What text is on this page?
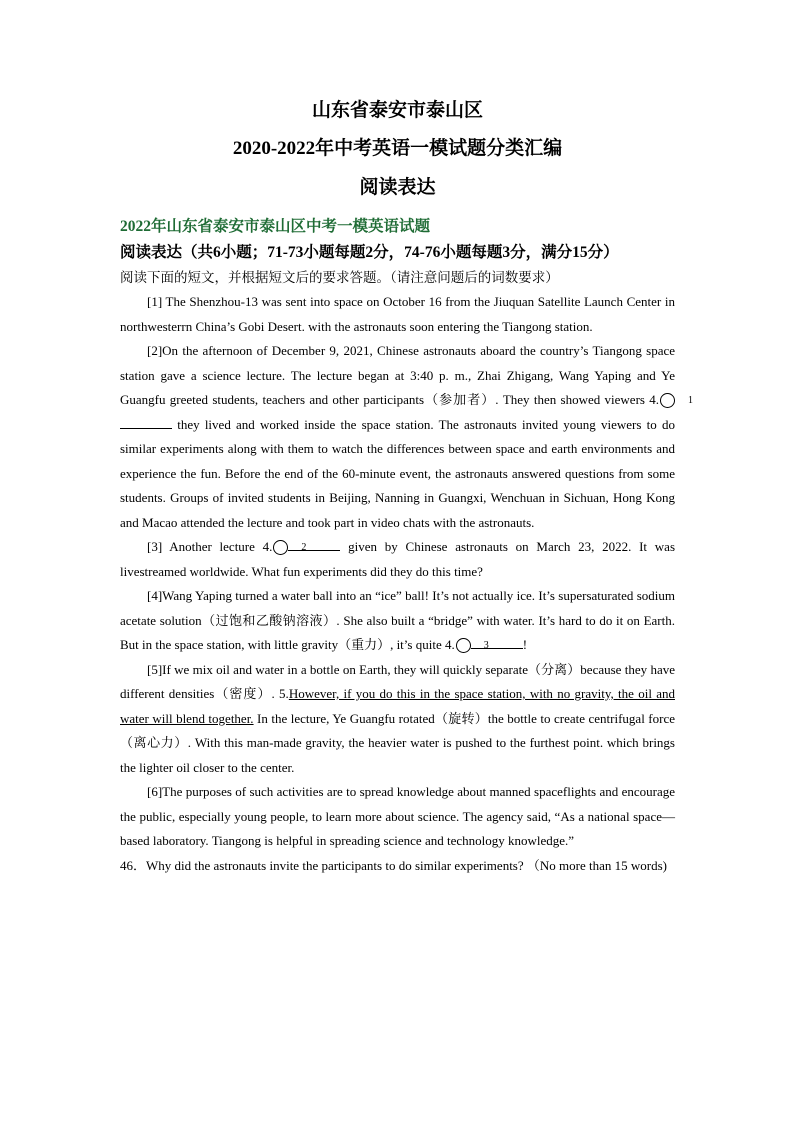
山东省泰安市泰山区
2020-2022年中考英语一模试题分类汇编
阅读表达
2022年山东省泰安市泰山区中考一模英语试题
阅读表达（共6小题；71-73小题每题2分，74-76小题每题3分，满分15分）
阅读下面的短文，并根据短文后的要求答题。（请注意问题后的词数要求）

[1] The Shenzhou-13 was sent into space on October 16 from the Jiuquan Satellite Launch Center in northwesterrn China’s Gobi Desert. with the astronauts soon entering the Tiangong station.

[2]On the afternoon of December 9, 2021, Chinese astronauts aboard the country’s Tiangong space station gave a science lecture. The lecture began at 3:40 p. m., Zhai Zhigang, Wang Yaping and Ye Guangfu greeted students, teachers and other participants（参加者）. They then showed viewers 4.	1 they lived and worked inside the space station. The astronauts invited young viewers to do similar experiments along with them to watch the differences between space and earth environments and experience the fun. Before the end of the 60-minute event, the astronauts answered questions from some students. Groups of invited students in Beijing, Nanning in Guangxi, Wenchuan in Sichuan, Hong Kong and Macao attended the lecture and took part in video chats with the astronauts.

[3] Another lecture 4.	2	given by Chinese astronauts on March 23, 2022. It was livestreamed worldwide. What fun experiments did they do this time?

[4]Wang Yaping turned a water ball into an “ice” ball! It’s not actually ice. It’s supersaturated sodium acetate solution（过饱和乙酸钠溶液）. She also built a “bridge” with water. It’s hard to do it on Earth. But in the space station, with little gravity（重力）, it’s quite 4.	3	!

[5]If we mix oil and water in a bottle on Earth, they will quickly separate（分离）because they have different densities（密度）. 5.However, if you do this in the space station, with no gravity, the oil and water will blend together. In the lecture, Ye Guangfu rotated（旋转）the bottle to create centrifugal force（离心力）. With this man-made gravity, the heavier water is pushed to the furthest point. which brings the lighter oil closer to the center.

[6]The purposes of such activities are to spread knowledge about manned spaceflights and encourage the public, especially young people, to learn more about science. The agency said, “As a national space—based laboratory. Tiangong is helpful in spreading science and technology knowledge.”

46．Why did the astronauts invite the participants to do similar experiments? （No more than 15 words)
